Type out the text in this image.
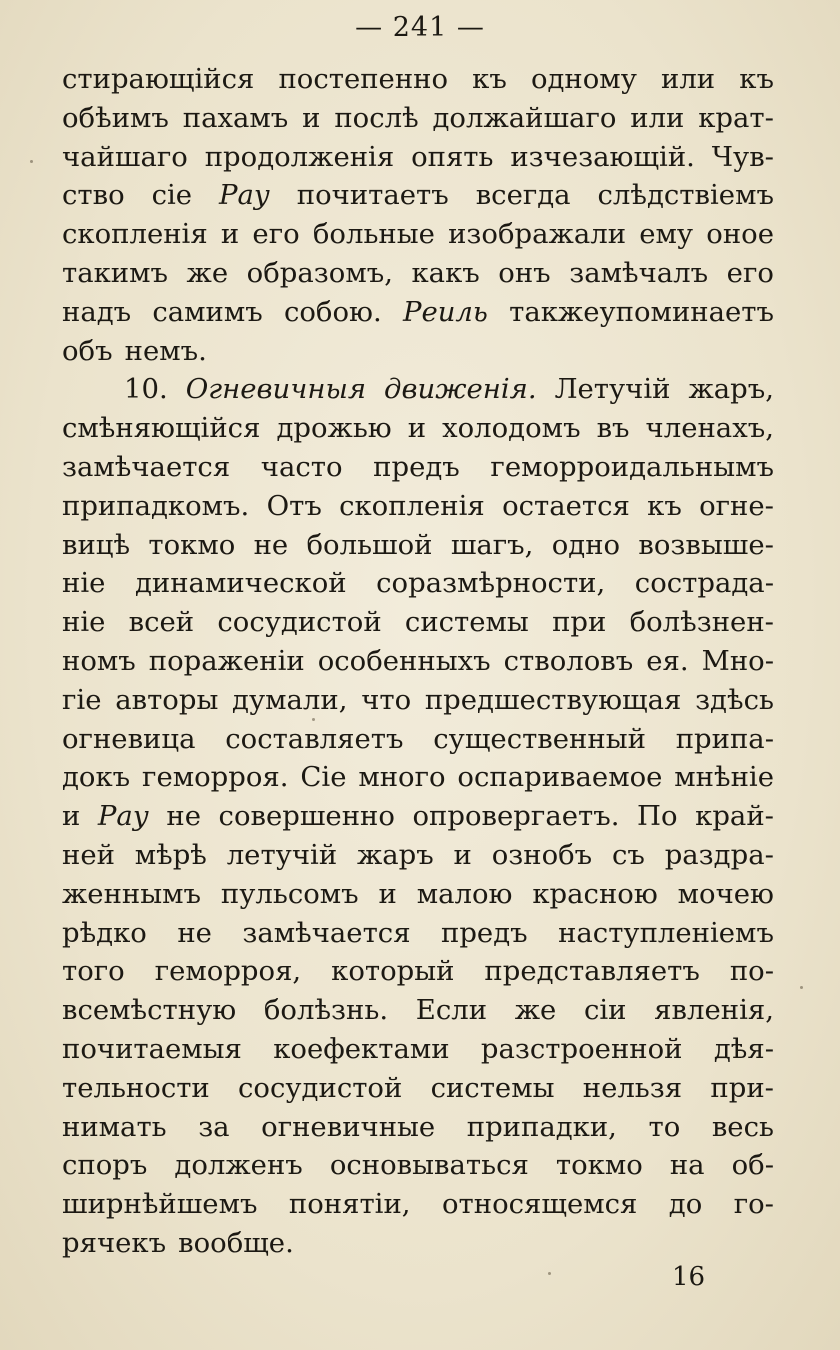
— 241 —
стирающійся постепенно къ одному или къ
обѣимъ пахамъ и послѣ должайшаго или крат-
чайшаго продолженія опять изчезающій. Чув-
ство сіе Рау почитаетъ всегда слѣдствіемъ
скопленія и его больные изображали ему оное
такимъ же образомъ, какъ онъ замѣчалъ его
надъ самимъ собою. Реиль такжеупоминаетъ
объ немъ.
10. Огневичныя движенія. Летучій жаръ,
смѣняющійся дрожью и холодомъ въ членахъ,
замѣчается часто предъ геморроидальнымъ
припадкомъ. Отъ скопленія остается къ огне-
вицѣ токмо не большой шагъ, одно возвыше-
ніе динамической соразмѣрности, сострада-
ніе всей сосудистой системы при болѣзнен-
номъ пораженіи особенныхъ стволовъ ея. Мно-
гіе авторы думали, что предшествующая здѣсь
огневица составляетъ существенный припа-
докъ геморроя. Сіе много оспариваемое мнѣніе
и Рау не совершенно опровергаетъ. По край-
ней мѣрѣ летучій жаръ и ознобъ съ раздра-
женнымъ пульсомъ и малою красною мочею
рѣдко не замѣчается предъ наступленіемъ
того геморроя, который представляетъ по-
всемѣстную болѣзнь. Если же сіи явленія,
почитаемыя коефектами разстроенной дѣя-
тельности сосудистой системы нельзя при-
нимать за огневичные припадки, то весь
споръ долженъ основываться токмо на об-
ширнѣйшемъ понятіи, относящемся до го-
рячекъ вообще.
16
